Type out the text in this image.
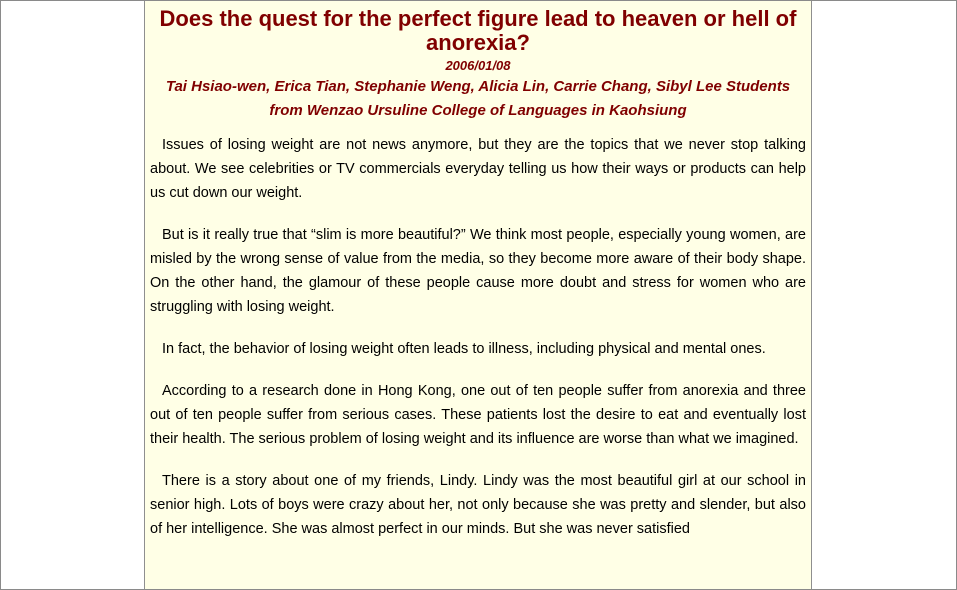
Does the quest for the perfect figure lead to heaven or hell of anorexia?
2006/01/08
Tai Hsiao-wen, Erica Tian, Stephanie Weng, Alicia Lin, Carrie Chang, Sibyl Lee Students from Wenzao Ursuline College of Languages in Kaohsiung

Issues of losing weight are not news anymore, but they are the topics that we never stop talking about. We see celebrities or TV commercials everyday telling us how their ways or products can help us cut down our weight.

But is it really true that “slim is more beautiful?” We think most people, especially young women, are misled by the wrong sense of value from the media, so they become more aware of their body shape. On the other hand, the glamour of these people cause more doubt and stress for women who are struggling with losing weight.

In fact, the behavior of losing weight often leads to illness, including physical and mental ones.

According to a research done in Hong Kong, one out of ten people suffer from anorexia and three out of ten people suffer from serious cases. These patients lost the desire to eat and eventually lost their health. The serious problem of losing weight and its influence are worse than what we imagined.

There is a story about one of my friends, Lindy. Lindy was the most beautiful girl at our school in senior high. Lots of boys were crazy about her, not only because she was pretty and slender, but also of her intelligence. She was almost perfect in our minds. But she was never satisfied
